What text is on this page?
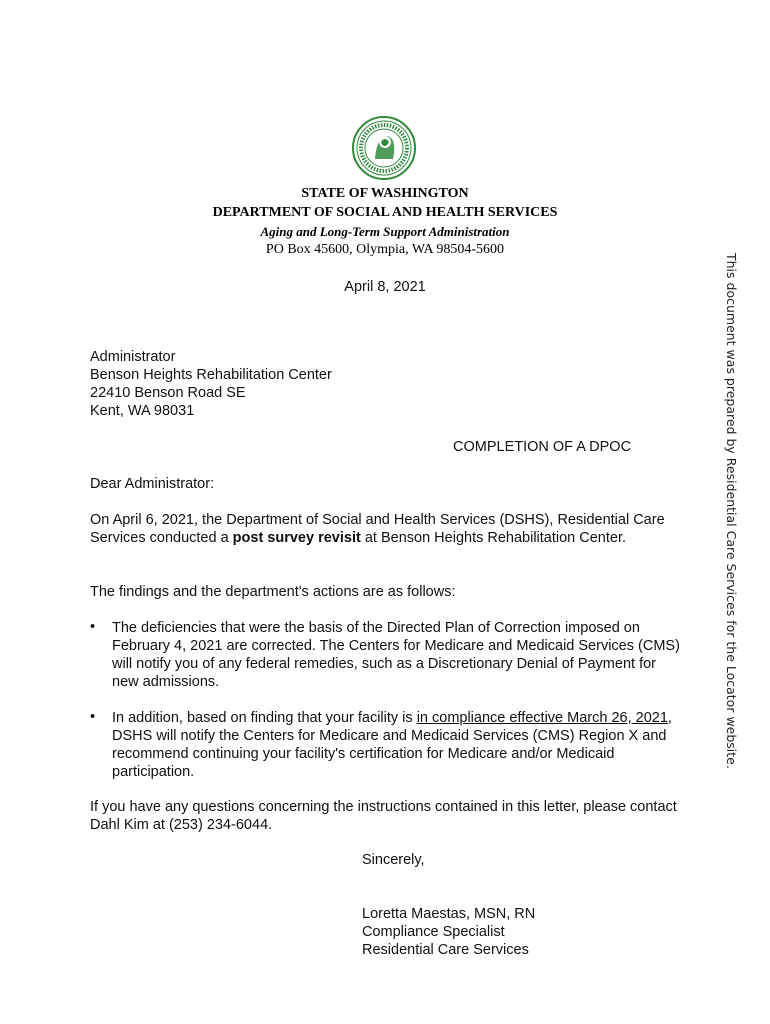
STATE OF WASHINGTON
DEPARTMENT OF SOCIAL AND HEALTH SERVICES
Aging and Long-Term Support Administration
PO Box 45600, Olympia, WA 98504-5600
April 8, 2021
Administrator
Benson Heights Rehabilitation Center
22410 Benson Road SE
Kent, WA 98031
COMPLETION OF A DPOC
Dear Administrator:
On April 6, 2021, the Department of Social and Health Services (DSHS), Residential Care Services conducted a post survey revisit at Benson Heights Rehabilitation Center.
The findings and the department's actions are as follows:
• The deficiencies that were the basis of the Directed Plan of Correction imposed on February 4, 2021 are corrected. The Centers for Medicare and Medicaid Services (CMS) will notify you of any federal remedies, such as a Discretionary Denial of Payment for new admissions.
• In addition, based on finding that your facility is in compliance effective March 26, 2021, DSHS will notify the Centers for Medicare and Medicaid Services (CMS) Region X and recommend continuing your facility's certification for Medicare and/or Medicaid participation.
If you have any questions concerning the instructions contained in this letter, please contact Dahl Kim at (253) 234-6044.
Sincerely,
Loretta Maestas, MSN, RN
Compliance Specialist
Residential Care Services
This document was prepared by Residential Care Services for the Locator website.
